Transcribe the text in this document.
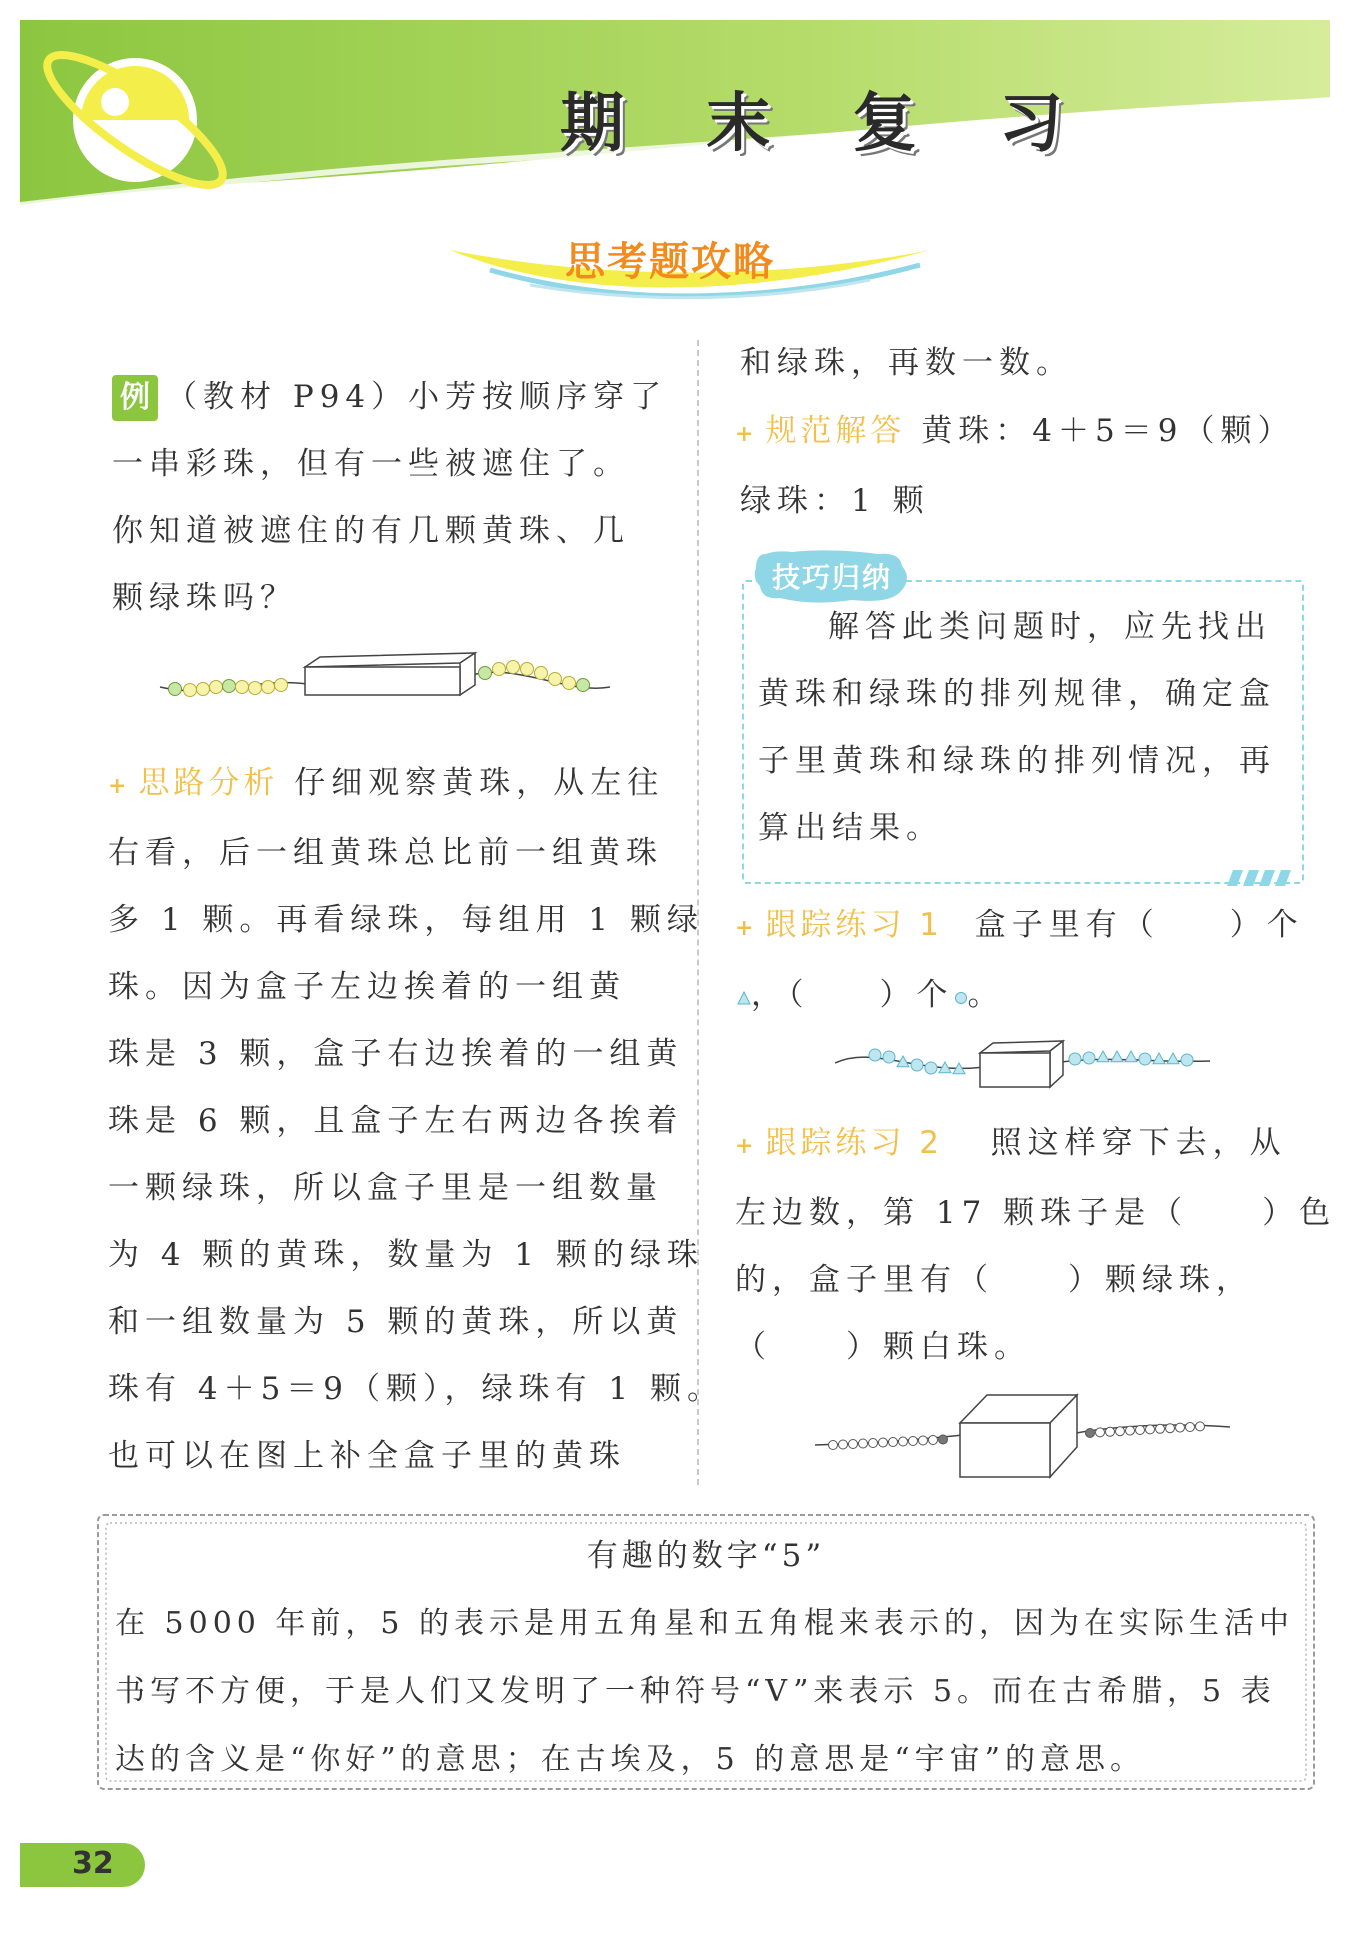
期 末 复 习
思考题攻略
例 （教材 P94）小芳按顺序穿了
一串彩珠，但有一些被遮住了。
你知道被遮住的有几颗黄珠、几
颗绿珠吗？
+ 思路分析 仔细观察黄珠，从左往
右看，后一组黄珠总比前一组黄珠
多 1 颗。再看绿珠，每组用 1 颗绿
珠。因为盒子左边挨着的一组黄
珠是 3 颗，盒子右边挨着的一组黄
珠是 6 颗，且盒子左右两边各挨着
一颗绿珠，所以盒子里是一组数量
为 4 颗的黄珠，数量为 1 颗的绿珠
和一组数量为 5 颗的黄珠，所以黄
珠有 4＋5＝9（颗），绿珠有 1 颗。
也可以在图上补全盒子里的黄珠
和绿珠，再数一数。
+ 规范解答 黄珠：4＋5＝9（颗）
绿珠：1 颗
技巧归纳
解答此类问题时，应先找出
黄珠和绿珠的排列规律，确定盒
子里黄珠和绿珠的排列情况，再
算出结果。
+ 跟踪练习 1 盒子里有（ ）个
，（ ）个 。
+ 跟踪练习 2 照这样穿下去，从
左边数，第 17 颗珠子是（　　）色
的，盒子里有（　　）颗绿珠，
（　　）颗白珠。
有趣的数字“5”
在 5000 年前，5 的表示是用五角星和五角棍来表示的，因为在实际生活中
书写不方便，于是人们又发明了一种符号“V”来表示 5。而在古希腊，5 表
达的含义是“你好”的意思；在古埃及，5 的意思是“宇宙”的意思。
32
